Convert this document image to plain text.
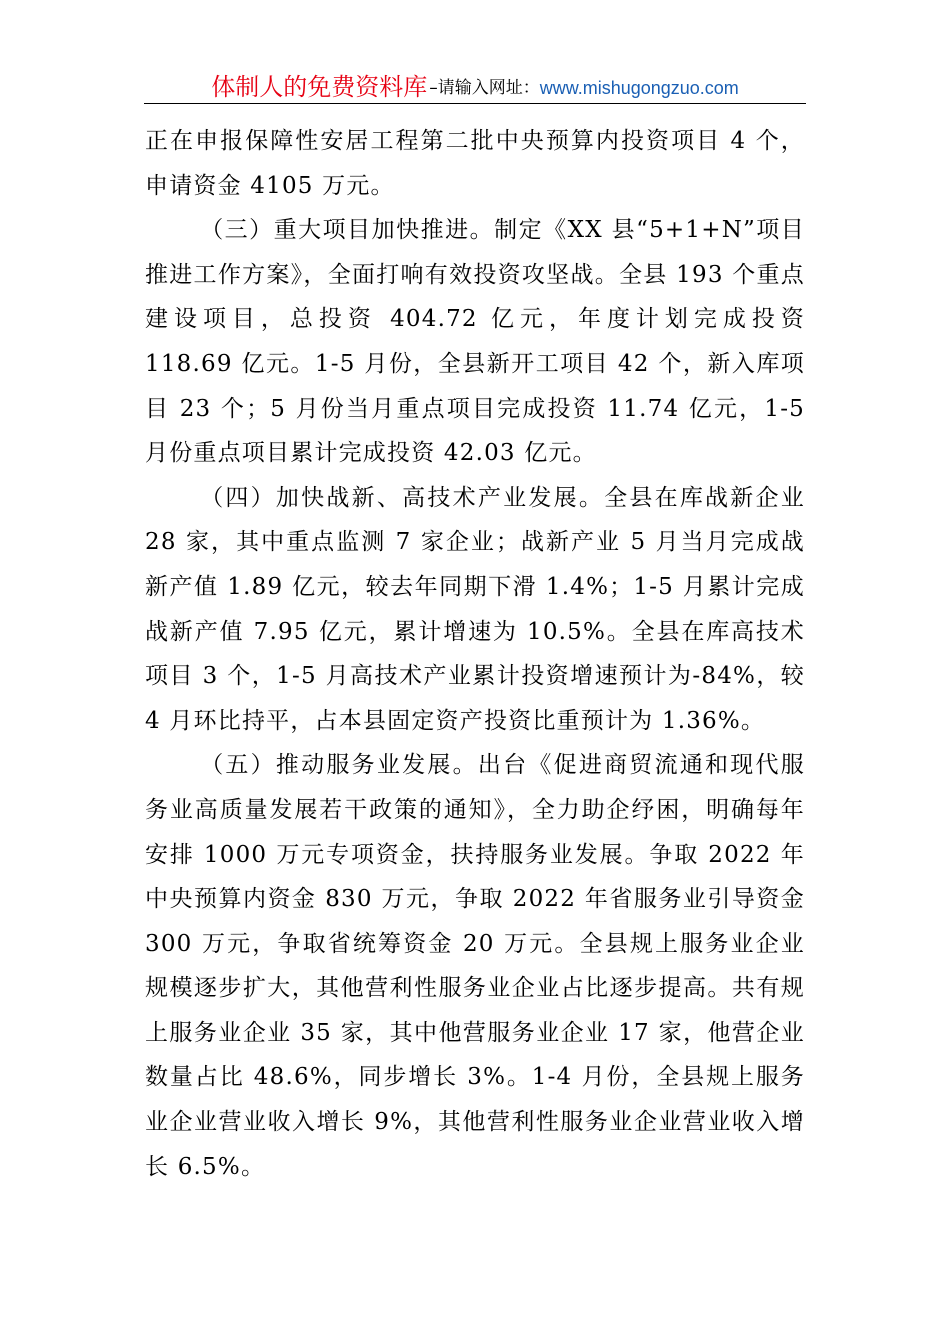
体制人的免费资料库 –请输入网址： www.mishugongzuo.com

正在申报保障性安居工程第二批中央预算内投资项目 4 个，申请资金 4105 万元。

（三）重大项目加快推进。制定《XX 县“5+1+N”项目推进工作方案》，全面打响有效投资攻坚战。全县 193 个重点建设项目，总投资 404.72 亿元，年度计划完成投资 118.69 亿元。1-5 月份，全县新开工项目 42 个，新入库项目 23 个；5 月份当月重点项目完成投资 11.74 亿元，1-5 月份重点项目累计完成投资 42.03 亿元。

（四）加快战新、高技术产业发展。全县在库战新企业 28 家，其中重点监测 7 家企业；战新产业 5 月当月完成战新产值 1.89 亿元，较去年同期下滑 1.4%；1-5 月累计完成战新产值 7.95 亿元，累计增速为 10.5%。全县在库高技术项目 3 个，1-5 月高技术产业累计投资增速预计为-84%，较 4 月环比持平，占本县固定资产投资比重预计为 1.36%。

（五）推动服务业发展。出台《促进商贸流通和现代服务业高质量发展若干政策的通知》，全力助企纾困，明确每年安排 1000 万元专项资金，扶持服务业发展。争取 2022 年中央预算内资金 830 万元，争取 2022 年省服务业引导资金 300 万元，争取省统筹资金 20 万元。全县规上服务业企业规模逐步扩大，其他营利性服务业企业占比逐步提高。共有规上服务业企业 35 家，其中他营服务业企业 17 家，他营企业数量占比 48.6%，同步增长 3%。1-4 月份，全县规上服务业企业营业收入增长 9%，其他营利性服务业企业营业收入增长 6.5%。
